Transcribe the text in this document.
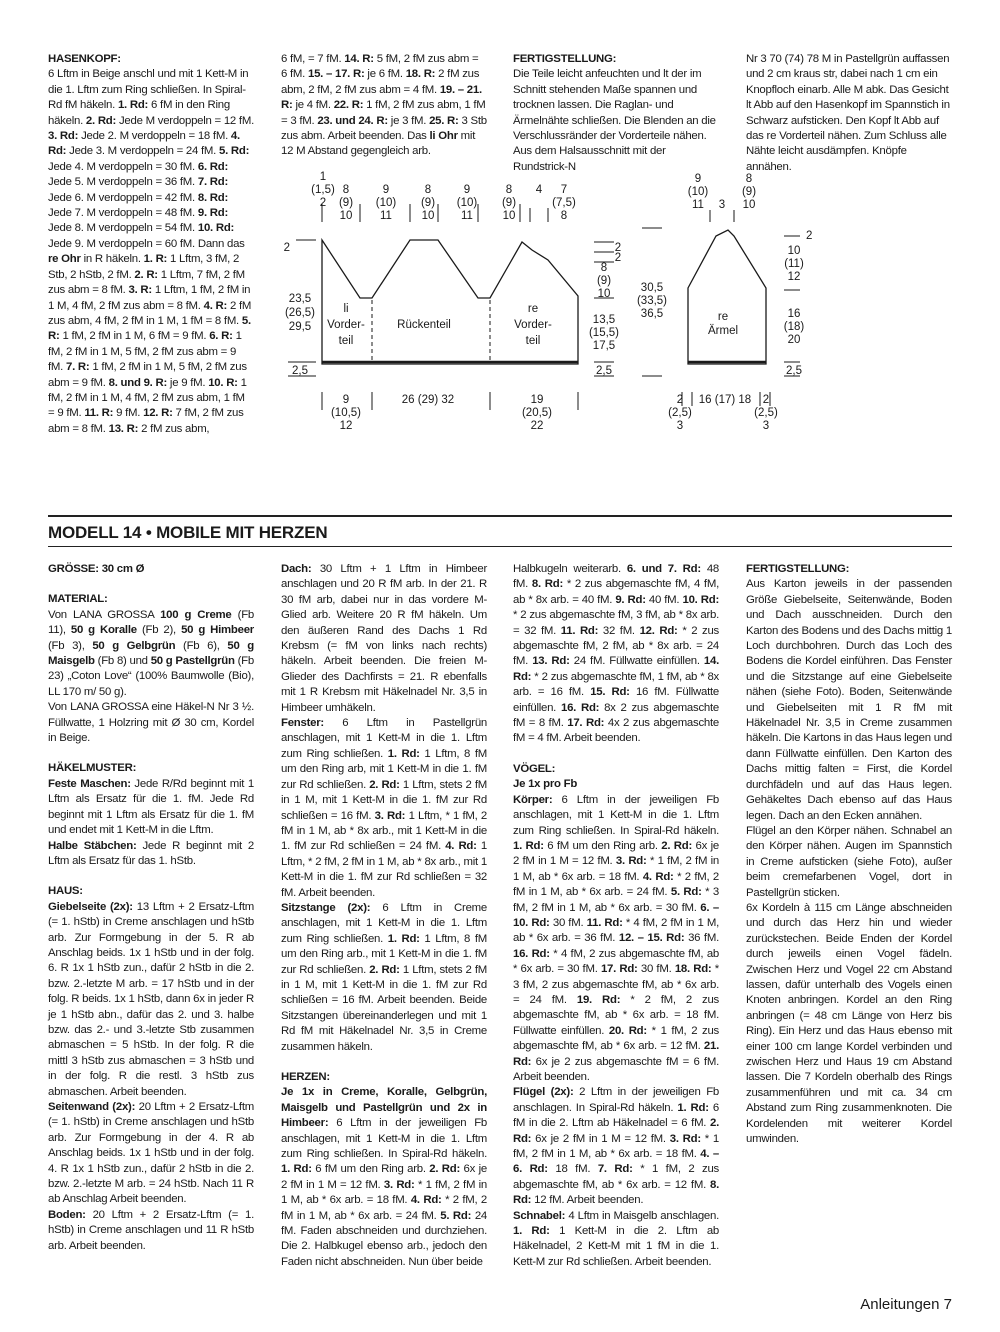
HASENKOPF:

6 Lftm in Beige anschl und mit 1 Kett-M in die 1. Lftm zum Ring schließen. In Spiral-Rd fM häkeln. 1. Rd: 6 fM in den Ring häkeln. 2. Rd: Jede M verdoppeln = 12 fM. 3. Rd: Jede 2. M verdoppeln = 18 fM. 4. Rd: Jede 3. M verdoppeln = 24 fM. 5. Rd: Jede 4. M verdoppeln = 30 fM. 6. Rd: Jede 5. M verdoppeln = 36 fM. 7. Rd: Jede 6. M verdoppeln = 42 fM. 8. Rd: Jede 7. M verdoppeln = 48 fM. 9. Rd: Jede 8. M verdoppeln = 54 fM. 10. Rd: Jede 9. M verdoppeln = 60 fM. Dann das re Ohr in R häkeln. 1. R: 1 Lftm, 3 fM, 2 Stb, 2 hStb, 2 fM. 2. R: 1 Lftm, 7 fM, 2 fM zus abm = 8 fM. 3. R: 1 Lftm, 1 fM, 2 fM in 1 M, 4 fM, 2 fM zus abm = 8 fM. 4. R: 2 fM zus abm, 4 fM, 2 fM in 1 M, 1 fM = 8 fM. 5. R: 1 fM, 2 fM in 1 M, 6 fM = 9 fM. 6. R: 1 fM, 2 fM in 1 M, 5 fM, 2 fM zus abm = 9 fM. 7. R: 1 fM, 2 fM in 1 M, 5 fM, 2 fM zus abm = 9 fM. 8. und 9. R: je 9 fM. 10. R: 1 fM, 2 fM in 1 M, 4 fM, 2 fM zus abm, 1 fM = 9 fM. 11. R: 9 fM. 12. R: 7 fM, 2 fM zus abm = 8 fM. 13. R: 2 fM zus abm,

6 fM, = 7 fM. 14. R: 5 fM, 2 fM zus abm = 6 fM. 15. – 17. R: je 6 fM. 18. R: 2 fM zus abm, 2 fM, 2 fM zus abm = 4 fM. 19. – 21. R: je 4 fM. 22. R: 1 fM, 2 fM zus abm, 1 fM = 3 fM. 23. und 24. R: je 3 fM. 25. R: 3 Stb zus abm. Arbeit beenden. Das li Ohr mit 12 M Abstand gegengleich arb.

FERTIGSTELLUNG:

Die Teile leicht anfeuchten und lt der im Schnitt stehenden Maße spannen und trocknen lassen. Die Raglan- und Ärmelnähte schließen. Die Blenden an die Verschlussränder der Vorderteile nähen. Aus dem Halsausschnitt mit der Rundstrick-N

Nr 3 70 (74) 78 M in Pastellgrün auffassen und 2 cm kraus str, dabei nach 1 cm ein Knopfloch einarb. Alle M abk. Das Gesicht lt Abb auf den Hasenkopf im Spannstich in Schwarz aufsticken. Den Kopf lt Abb auf das re Vorderteil nähen. Zum Schluss alle Nähte leicht ausdämpfen. Knöpfe annähen.

1
(1,5)
2
8
(9)
10
9
(10)
11
8
(9)
10
9
(10)
11
8
(9)
10
4 7
(7,5)
8
2
23,5
(26,5)
29,5
2,5
li
Vorder-
teil
Rückenteil
re
Vorder-
teil
9
(10,5)
12
26 (29) 32	19
(20,5)
22
2
2
8
(9)
10
13,5
(15,5)
17,5
2,5
30,5
(33,5)
36,5
9
(10)
11 3
8
(9)
10
2
10
(11)
12
16
(18)
20
2,5
re
Ärmel
2
(2,5)
3
16 (17) 18 2
(2,5)
3
MODELL 14 • MOBILE MIT HERZEN

GRÖSSE: 30 cm Ø

MATERIAL:

Von LANA GROSSA 100 g Creme (Fb 11), 50 g Koralle (Fb 2), 50 g Himbeer (Fb 3), 50 g Gelbgrün (Fb 6), 50 g Maisgelb (Fb 8) und 50 g Pastellgrün (Fb 23) „Coton Love“ (100% Baumwolle (Bio), LL 170 m/ 50 g).

Von LANA GROSSA eine Häkel-N Nr 3 ½. Füllwatte, 1 Holzring mit Ø 30 cm, Kordel in Beige.

HÄKELMUSTER:

Feste Maschen: Jede R/Rd beginnt mit 1 Lftm als Ersatz für die 1. fM. Jede Rd beginnt mit 1 Lftm als Ersatz für die 1. fM und endet mit 1 Kett-M in die Lftm.

Halbe Stäbchen: Jede R beginnt mit 2 Lftm als Ersatz für das 1. hStb.

HAUS:

Giebelseite (2x): 13 Lftm + 2 Ersatz-Lftm (= 1. hStb) in Creme anschlagen und hStb arb. Zur Formgebung in der 5. R ab Anschlag beids. 1x 1 hStb und in der folg. 6. R 1x 1 hStb zun., dafür 2 hStb in die 2. bzw. 2.-letzte M arb. = 17 hStb und in der folg. R beids. 1x 1 hStb, dann 6x in jeder R je 1 hStb abn., dafür das 2. und 3. halbe bzw. das 2.- und 3.-letzte Stb zusammen abmaschen = 5 hStb. In der folg. R die mittl 3 hStb zus abmaschen = 3 hStb und in der folg. R die restl. 3 hStb zus abmaschen. Arbeit beenden.

Seitenwand (2x): 20 Lftm + 2 Ersatz-Lftm (= 1. hStb) in Creme anschlagen und hStb arb. Zur Formgebung in der 4. R ab Anschlag beids. 1x 1 hStb und in der folg. 4. R 1x 1 hStb zun., dafür 2 hStb in die 2. bzw. 2.-letzte M arb. = 24 hStb. Nach 11 R ab Anschlag Arbeit beenden.

Boden: 20 Lftm + 2 Ersatz-Lftm (= 1. hStb) in Creme anschlagen und 11 R hStb arb. Arbeit beenden.

Dach: 30 Lftm + 1 Lftm in Himbeer anschlagen und 20 R fM arb. In der 21. R 30 fM arb, dabei nur in das vordere M-Glied arb. Weitere 20 R fM häkeln. Um den äußeren Rand des Dachs 1 Rd Krebsm (= fM von links nach rechts) häkeln. Arbeit beenden. Die freien M-Glieder des Dachfirsts = 21. R ebenfalls mit 1 R Krebsm mit Häkelnadel Nr. 3,5 in Himbeer umhäkeln.

Fenster: 6 Lftm in Pastellgrün anschlagen, mit 1 Kett-M in die 1. Lftm zum Ring schließen. 1. Rd: 1 Lftm, 8 fM um den Ring arb, mit 1 Kett-M in die 1. fM zur Rd schließen. 2. Rd: 1 Lftm, stets 2 fM in 1 M, mit 1 Kett-M in die 1. fM zur Rd schließen = 16 fM. 3. Rd: 1 Lftm, * 1 fM, 2 fM in 1 M, ab * 8x arb., mit 1 Kett-M in die 1. fM zur Rd schließen = 24 fM. 4. Rd: 1 Lftm, * 2 fM, 2 fM in 1 M, ab * 8x arb., mit 1 Kett-M in die 1. fM zur Rd schließen = 32 fM. Arbeit beenden.

Sitzstange (2x): 6 Lftm in Creme anschlagen, mit 1 Kett-M in die 1. Lftm zum Ring schließen. 1. Rd: 1 Lftm, 8 fM um den Ring arb., mit 1 Kett-M in die 1. fM zur Rd schließen. 2. Rd: 1 Lftm, stets 2 fM in 1 M, mit 1 Kett-M in die 1. fM zur Rd schließen = 16 fM. Arbeit beenden. Beide Sitzstangen übereinanderlegen und mit 1 Rd fM mit Häkelnadel Nr. 3,5 in Creme zusammen häkeln.

HERZEN:

Je 1x in Creme, Koralle, Gelbgrün, Maisgelb und Pastellgrün und 2x in Himbeer: 6 Lftm in der jeweiligen Fb anschlagen, mit 1 Kett-M in die 1. Lftm zum Ring schließen. In Spiral-Rd häkeln. 1. Rd: 6 fM um den Ring arb. 2. Rd: 6x je 2 fM in 1 M = 12 fM. 3. Rd: * 1 fM, 2 fM in 1 M, ab * 6x arb. = 18 fM. 4. Rd: * 2 fM, 2 fM in 1 M, ab * 6x arb. = 24 fM. 5. Rd: 24 fM. Faden abschneiden und durchziehen. Die 2. Halbkugel ebenso arb., jedoch den Faden nicht abschneiden. Nun über beide

Halbkugeln weiterarb. 6. und 7. Rd: 48 fM. 8. Rd: * 2 zus abgemaschte fM, 4 fM, ab * 8x arb. = 40 fM. 9. Rd: 40 fM. 10. Rd: * 2 zus abgemaschte fM, 3 fM, ab * 8x arb. = 32 fM. 11. Rd: 32 fM. 12. Rd: * 2 zus abgemaschte fM, 2 fM, ab * 8x arb. = 24 fM. 13. Rd: 24 fM. Füllwatte einfüllen. 14. Rd: * 2 zus abgemaschte fM, 1 fM, ab * 8x arb. = 16 fM. 15. Rd: 16 fM. Füllwatte einfüllen. 16. Rd: 8x 2 zus abgemaschte fM = 8 fM. 17. Rd: 4x 2 zus abgemaschte fM = 4 fM. Arbeit beenden.

VÖGEL:

Je 1x pro Fb

Körper: 6 Lftm in der jeweiligen Fb anschlagen, mit 1 Kett-M in die 1. Lftm zum Ring schließen. In Spiral-Rd häkeln. 1. Rd: 6 fM um den Ring arb. 2. Rd: 6x je 2 fM in 1 M = 12 fM. 3. Rd: * 1 fM, 2 fM in 1 M, ab * 6x arb. = 18 fM. 4. Rd: * 2 fM, 2 fM in 1 M, ab * 6x arb. = 24 fM. 5. Rd: * 3 fM, 2 fM in 1 M, ab * 6x arb. = 30 fM. 6. – 10. Rd: 30 fM. 11. Rd: * 4 fM, 2 fM in 1 M, ab * 6x arb. = 36 fM. 12. – 15. Rd: 36 fM. 16. Rd: * 4 fM, 2 zus abgemaschte fM, ab * 6x arb. = 30 fM. 17. Rd: 30 fM. 18. Rd: * 3 fM, 2 zus abgemaschte fM, ab * 6x arb. = 24 fM. 19. Rd: * 2 fM, 2 zus abgemaschte fM, ab * 6x arb. = 18 fM. Füllwatte einfüllen. 20. Rd: * 1 fM, 2 zus abgemaschte fM, ab * 6x arb. = 12 fM. 21. Rd: 6x je 2 zus abgemaschte fM = 6 fM. Arbeit beenden.

Flügel (2x): 2 Lftm in der jeweiligen Fb anschlagen. In Spiral-Rd häkeln. 1. Rd: 6 fM in die 2. Lftm ab Häkelnadel = 6 fM. 2. Rd: 6x je 2 fM in 1 M = 12 fM. 3. Rd: * 1 fM, 2 fM in 1 M, ab * 6x arb. = 18 fM. 4. – 6. Rd: 18 fM. 7. Rd: * 1 fM, 2 zus abgemaschte fM, ab * 6x arb. = 12 fM. 8. Rd: 12 fM. Arbeit beenden.

Schnabel: 4 Lftm in Maisgelb anschlagen. 1. Rd: 1 Kett-M in die 2. Lftm ab Häkelnadel, 2 Kett-M mit 1 fM in die 1. Kett-M zur Rd schließen. Arbeit beenden.

FERTIGSTELLUNG:

Aus Karton jeweils in der passenden Größe Giebelseite, Seitenwände, Boden und Dach ausschneiden. Durch den Karton des Bodens und des Dachs mittig 1 Loch durchbohren. Durch das Loch des Bodens die Kordel einführen. Das Fenster und die Sitzstange auf eine Giebelseite nähen (siehe Foto). Boden, Seitenwände und Giebelseiten mit 1 R fM mit Häkelnadel Nr. 3,5 in Creme zusammen häkeln. Die Kartons in das Haus legen und dann Füllwatte einfüllen. Den Karton des Dachs mittig falten = First, die Kordel durchfädeln und auf das Haus legen. Gehäkeltes Dach ebenso auf das Haus legen. Dach an den Ecken annähen.

Flügel an den Körper nähen. Schnabel an den Körper nähen. Augen im Spannstich in Creme aufsticken (siehe Foto), außer beim cremefarbenen Vogel, dort in Pastellgrün sticken.

6x Kordeln à 115 cm Länge abschneiden und durch das Herz hin und wieder zurückstechen. Beide Enden der Kordel durch jeweils einen Vogel fädeln. Zwischen Herz und Vogel 22 cm Abstand lassen, dafür unterhalb des Vogels einen Knoten anbringen. Kordel an den Ring anbringen (= 48 cm Länge von Herz bis Ring). Ein Herz und das Haus ebenso mit einer 100 cm lange Kordel verbinden und zwischen Herz und Haus 19 cm Abstand lassen. Die 7 Kordeln oberhalb des Rings zusammenführen und mit ca. 34 cm Abstand zum Ring zusammenknoten. Die Kordelenden mit weiterer Kordel umwinden.

Anleitungen 7
